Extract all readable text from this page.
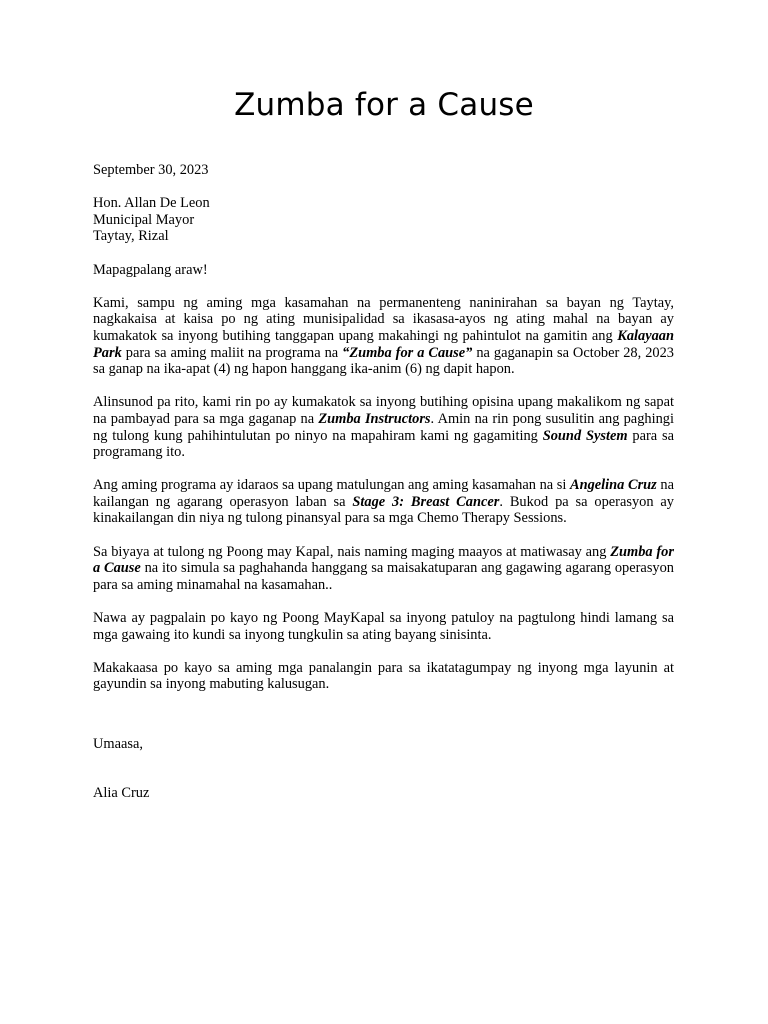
Zumba for a Cause

September 30, 2023

Hon. Allan De Leon
Municipal Mayor
Taytay, Rizal

Mapagpalang araw!

Kami, sampu ng aming mga kasamahan na permanenteng naninirahan sa bayan ng Taytay, nagkakaisa at kaisa po ng ating munisipalidad sa ikasasa-ayos ng ating mahal na bayan ay kumakatok sa inyong butihing tanggapan upang makahingi ng pahintulot na gamitin ang Kalayaan Park para sa aming maliit na programa na “Zumba for a Cause” na gaganapin sa October 28, 2023 sa ganap na ika-apat (4) ng hapon hanggang ika-anim (6) ng dapit hapon.

Alinsunod pa rito, kami rin po ay kumakatok sa inyong butihing opisina upang makalikom ng sapat na pambayad para sa mga gaganap na Zumba Instructors. Amin na rin pong susulitin ang paghingi ng tulong kung pahihintulutan po ninyo na mapahiram kami ng gagamiting Sound System para sa programang ito.

Ang aming programa ay idaraos sa upang matulungan ang aming kasamahan na si Angelina Cruz na kailangan ng agarang operasyon laban sa Stage 3: Breast Cancer. Bukod pa sa operasyon ay kinakailangan din niya ng tulong pinansyal para sa mga Chemo Therapy Sessions.

Sa biyaya at tulong ng Poong may Kapal, nais naming maging maayos at matiwasay ang Zumba for a Cause na ito simula sa paghahanda hanggang sa maisakatuparan ang gagawing agarang operasyon para sa aming minamahal na kasamahan..

Nawa ay pagpalain po kayo ng Poong MayKapal sa inyong patuloy na pagtulong hindi lamang sa mga gawaing ito kundi sa inyong tungkulin sa ating bayang sinisinta.

Makakaasa po kayo sa aming mga panalangin para sa ikatatagumpay ng inyong mga layunin at gayundin sa inyong mabuting kalusugan.

Umaasa,

Alia Cruz
